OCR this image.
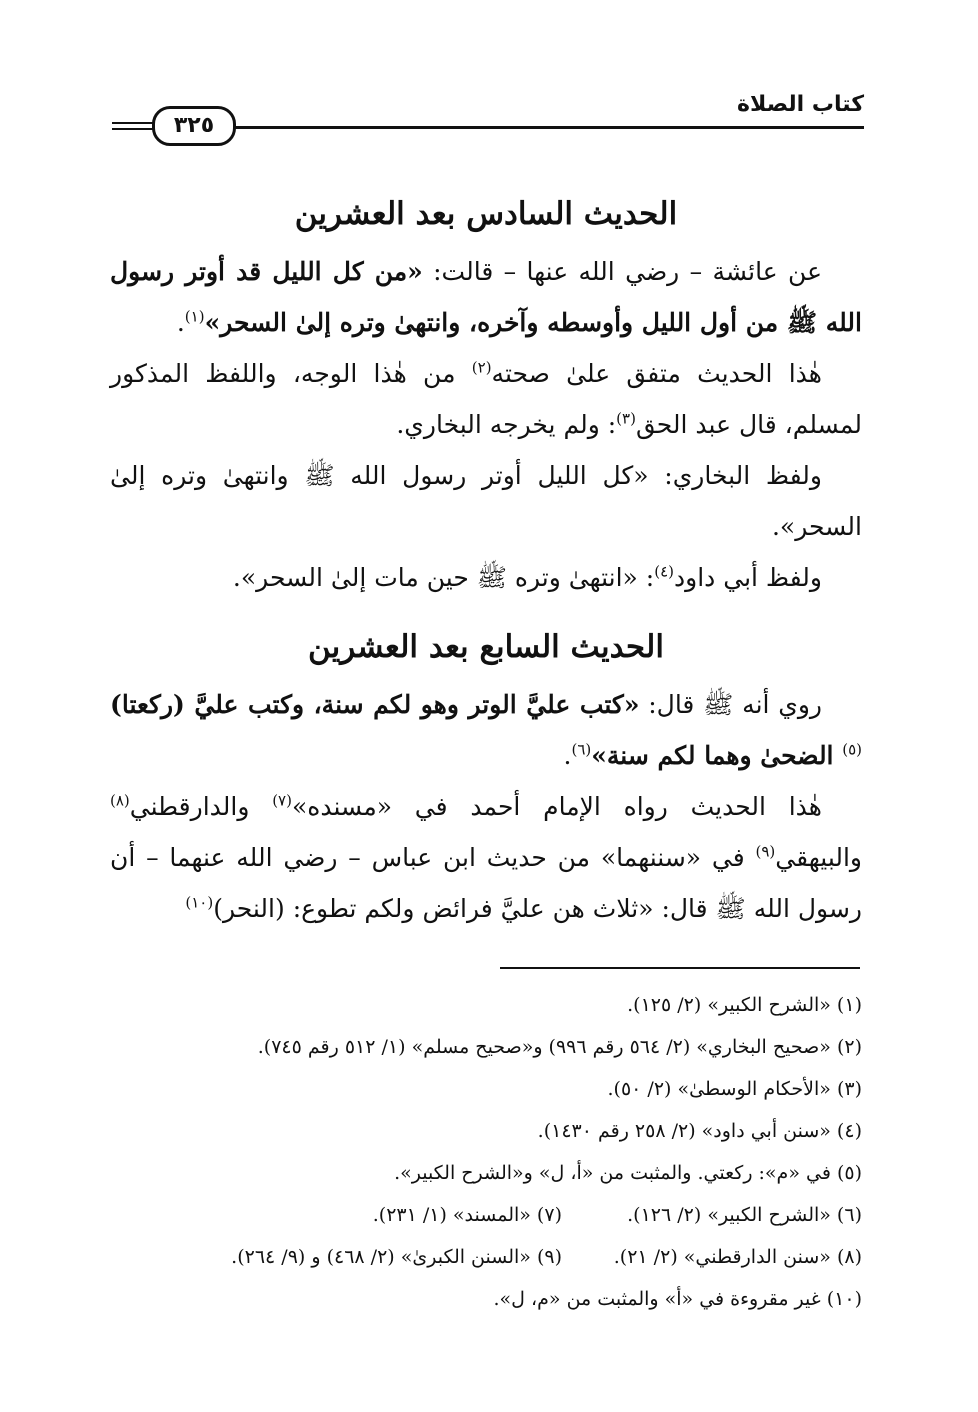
كتاب الصلاة
٣٢٥
الحديث السادس بعد العشرين

عن عائشة – رضي الله عنها – قالت: «من كل الليل قد أوتر رسول الله ﷺ من أول الليل وأوسطه وآخره، وانتهىٰ وتره إلىٰ السحر»$^{(١)}$.

هٰذا الحديث متفق علىٰ صحته$^{(٢)}$ من هٰذا الوجه، واللفظ المذكور لمسلم، قال عبد الحق$^{(٣)}$: ولم يخرجه البخاري.

ولفظ البخاري: «كل الليل أوتر رسول الله ﷺ وانتهىٰ وتره إلىٰ السحر».

ولفظ أبي داود$^{(٤)}$: «انتهىٰ وتره ﷺ حين مات إلىٰ السحر».

الحديث السابع بعد العشرين

روي أنه ﷺ قال: «كتب عليَّ الوتر وهو لكم سنة، وكتب عليَّ (ركعتا)$^{(٥)}$ الضحىٰ وهما لكم سنة»$^{(٦)}$.

هٰذا الحديث رواه الإمام أحمد في «مسنده»$^{(٧)}$ والدارقطني$^{(٨)}$ والبيهقي$^{(٩)}$ في «سننهما» من حديث ابن عباس – رضي الله عنهما – أن رسول الله ﷺ قال: «ثلاث هن عليَّ فرائض ولكم تطوع: (النحر)$^{(١٠)}$

(١) «الشرح الكبير» (٢/ ١٢٥).
(٢) «صحيح البخاري» (٢/ ٥٦٤ رقم ٩٩٦) و«صحيح مسلم» (١/ ٥١٢ رقم ٧٤٥).
(٣) «الأحكام الوسطىٰ» (٢/ ٥٠).
(٤) «سنن أبي داود» (٢/ ٢٥٨ رقم ١٤٣٠).
(٥) في «م»: ركعتي. والمثبت من «أ، ل» و«الشرح الكبير».
(٦) «الشرح الكبير» (٢/ ١٢٦).
(٧) «المسند» (١/ ٢٣١).
(٨) «سنن الدارقطني» (٢/ ٢١).
(٩) «السنن الكبرىٰ» (٢/ ٤٦٨) و (٩/ ٢٦٤).
(١٠) غير مقروءة في «أ» والمثبت من «م، ل».
